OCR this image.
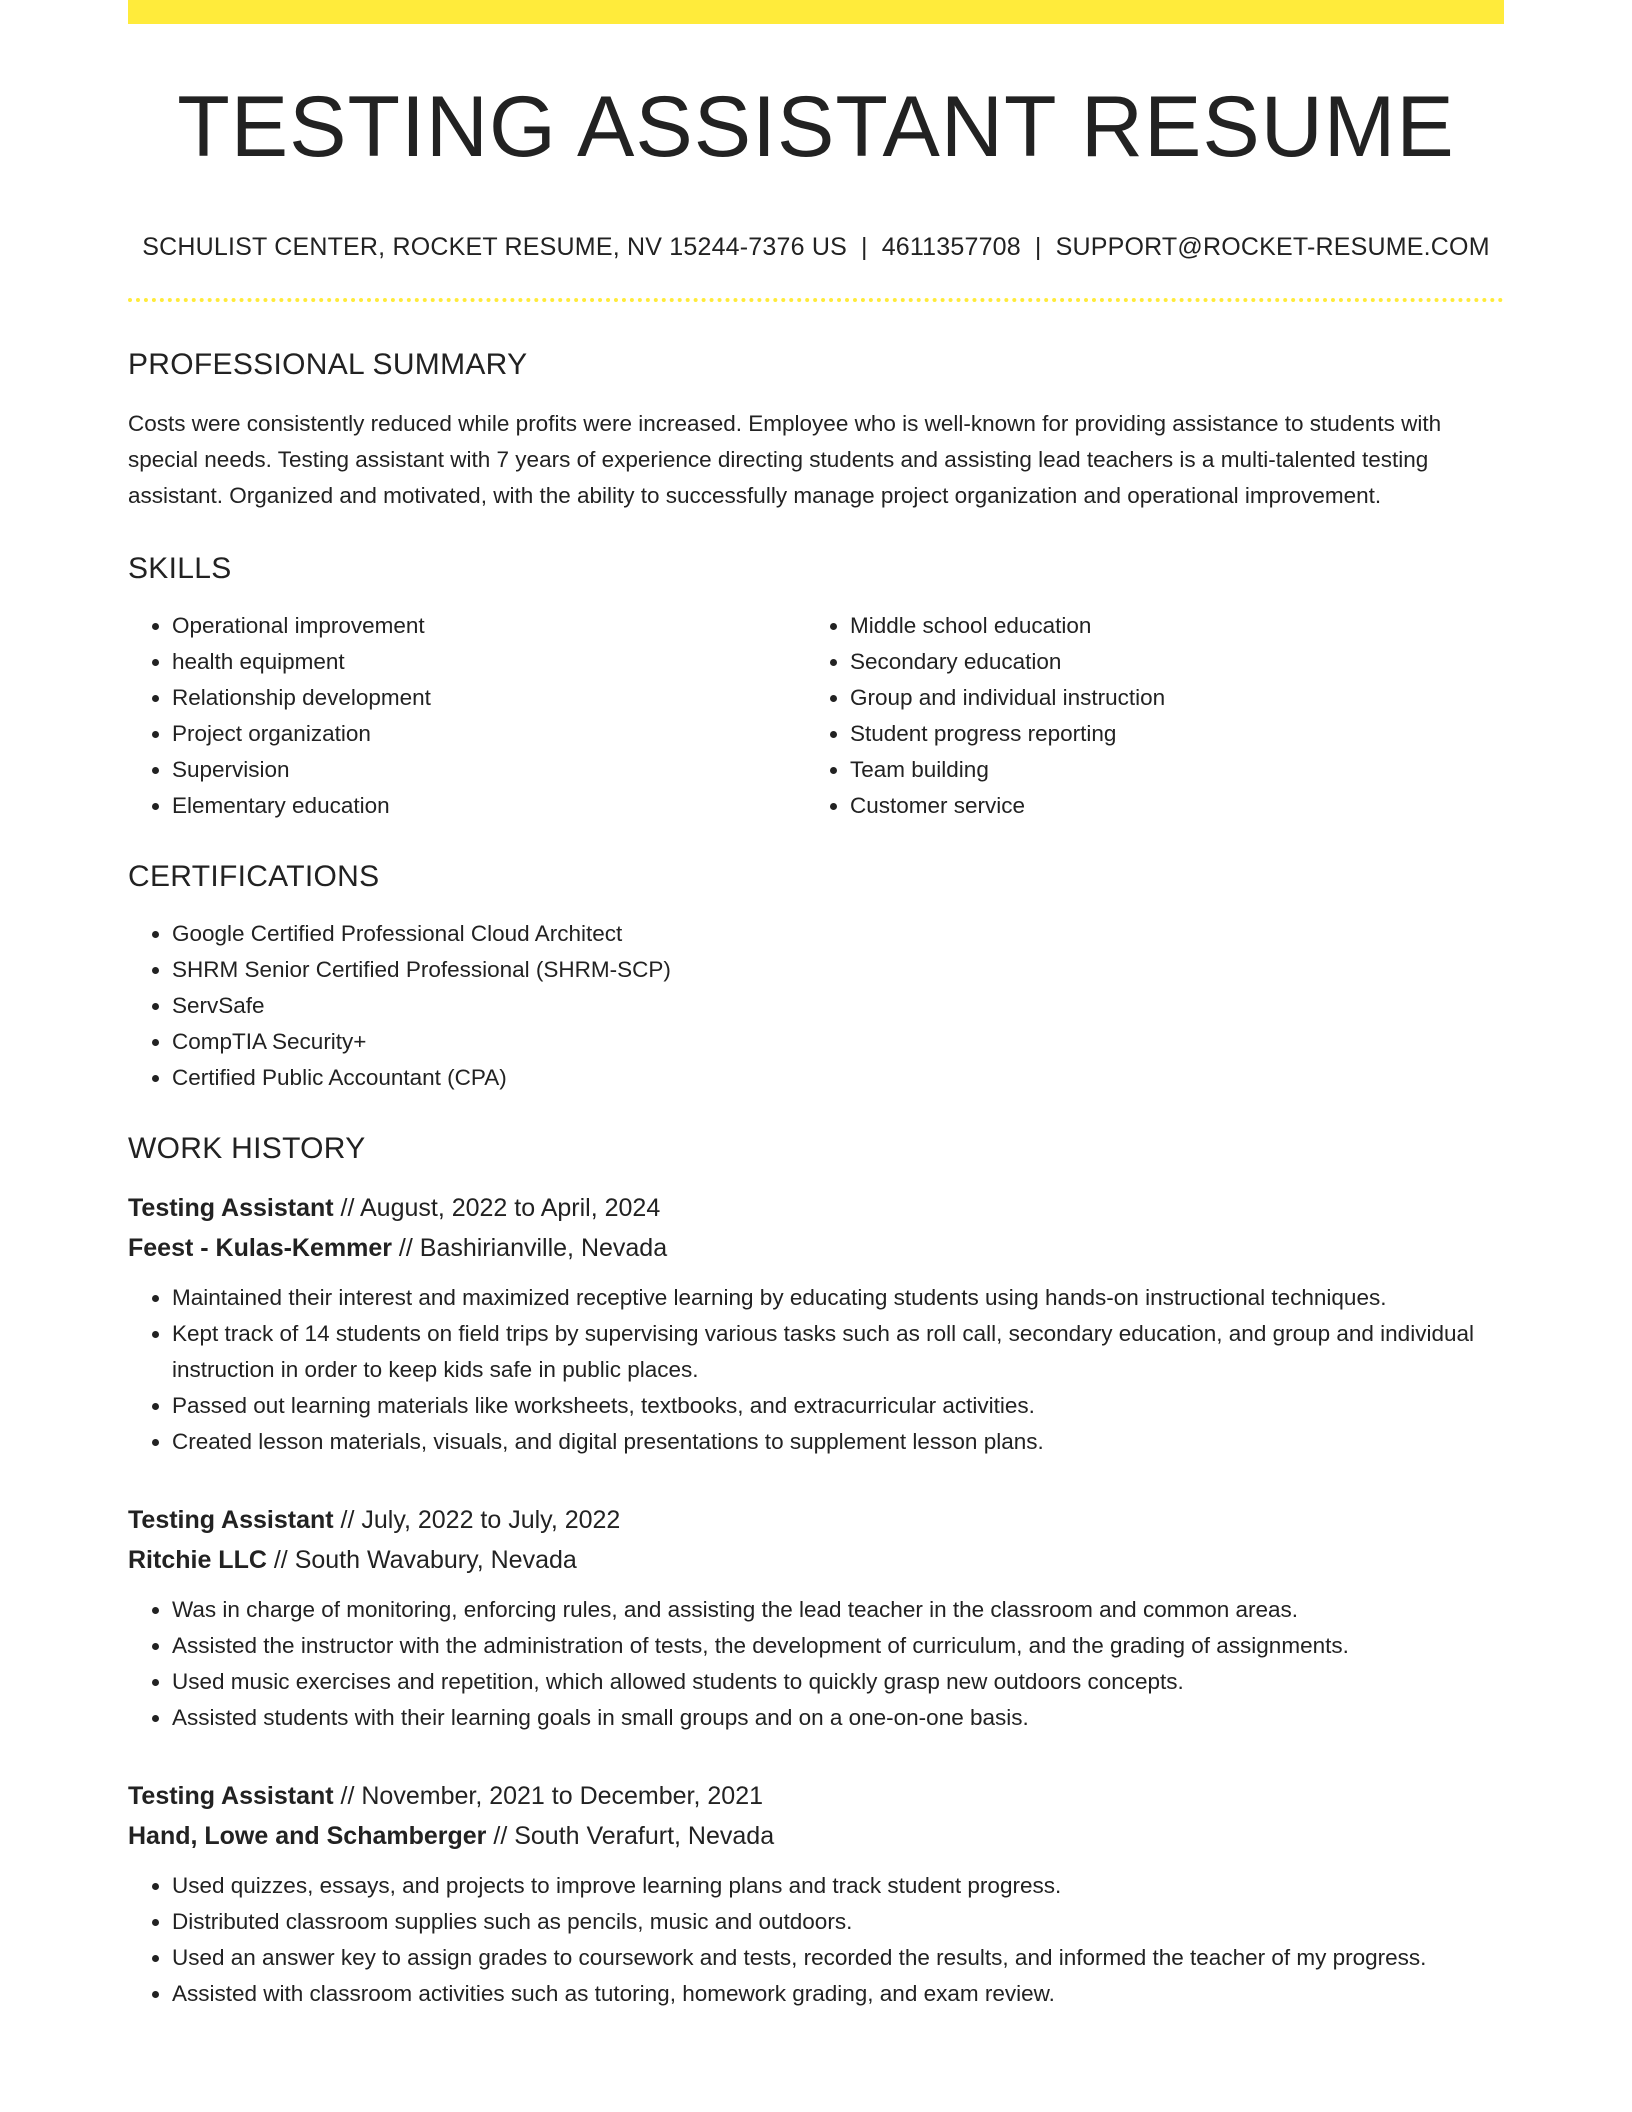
TESTING ASSISTANT RESUME
SCHULIST CENTER, ROCKET RESUME, NV 15244-7376 US | 4611357708 | SUPPORT@ROCKET-RESUME.COM
PROFESSIONAL SUMMARY
Costs were consistently reduced while profits were increased. Employee who is well-known for providing assistance to students with special needs. Testing assistant with 7 years of experience directing students and assisting lead teachers is a multi-talented testing assistant. Organized and motivated, with the ability to successfully manage project organization and operational improvement.
SKILLS
• Operational improvement
• health equipment
• Relationship development
• Project organization
• Supervision
• Elementary education
• Middle school education
• Secondary education
• Group and individual instruction
• Student progress reporting
• Team building
• Customer service
CERTIFICATIONS
• Google Certified Professional Cloud Architect
• SHRM Senior Certified Professional (SHRM-SCP)
• ServSafe
• CompTIA Security+
• Certified Public Accountant (CPA)
WORK HISTORY
Testing Assistant // August, 2022 to April, 2024
Feest - Kulas-Kemmer // Bashirianville, Nevada
• Maintained their interest and maximized receptive learning by educating students using hands-on instructional techniques.
• Kept track of 14 students on field trips by supervising various tasks such as roll call, secondary education, and group and individual instruction in order to keep kids safe in public places.
• Passed out learning materials like worksheets, textbooks, and extracurricular activities.
• Created lesson materials, visuals, and digital presentations to supplement lesson plans.
Testing Assistant // July, 2022 to July, 2022
Ritchie LLC // South Wavabury, Nevada
• Was in charge of monitoring, enforcing rules, and assisting the lead teacher in the classroom and common areas.
• Assisted the instructor with the administration of tests, the development of curriculum, and the grading of assignments.
• Used music exercises and repetition, which allowed students to quickly grasp new outdoors concepts.
• Assisted students with their learning goals in small groups and on a one-on-one basis.
Testing Assistant // November, 2021 to December, 2021
Hand, Lowe and Schamberger // South Verafurt, Nevada
• Used quizzes, essays, and projects to improve learning plans and track student progress.
• Distributed classroom supplies such as pencils, music and outdoors.
• Used an answer key to assign grades to coursework and tests, recorded the results, and informed the teacher of my progress.
• Assisted with classroom activities such as tutoring, homework grading, and exam review.
